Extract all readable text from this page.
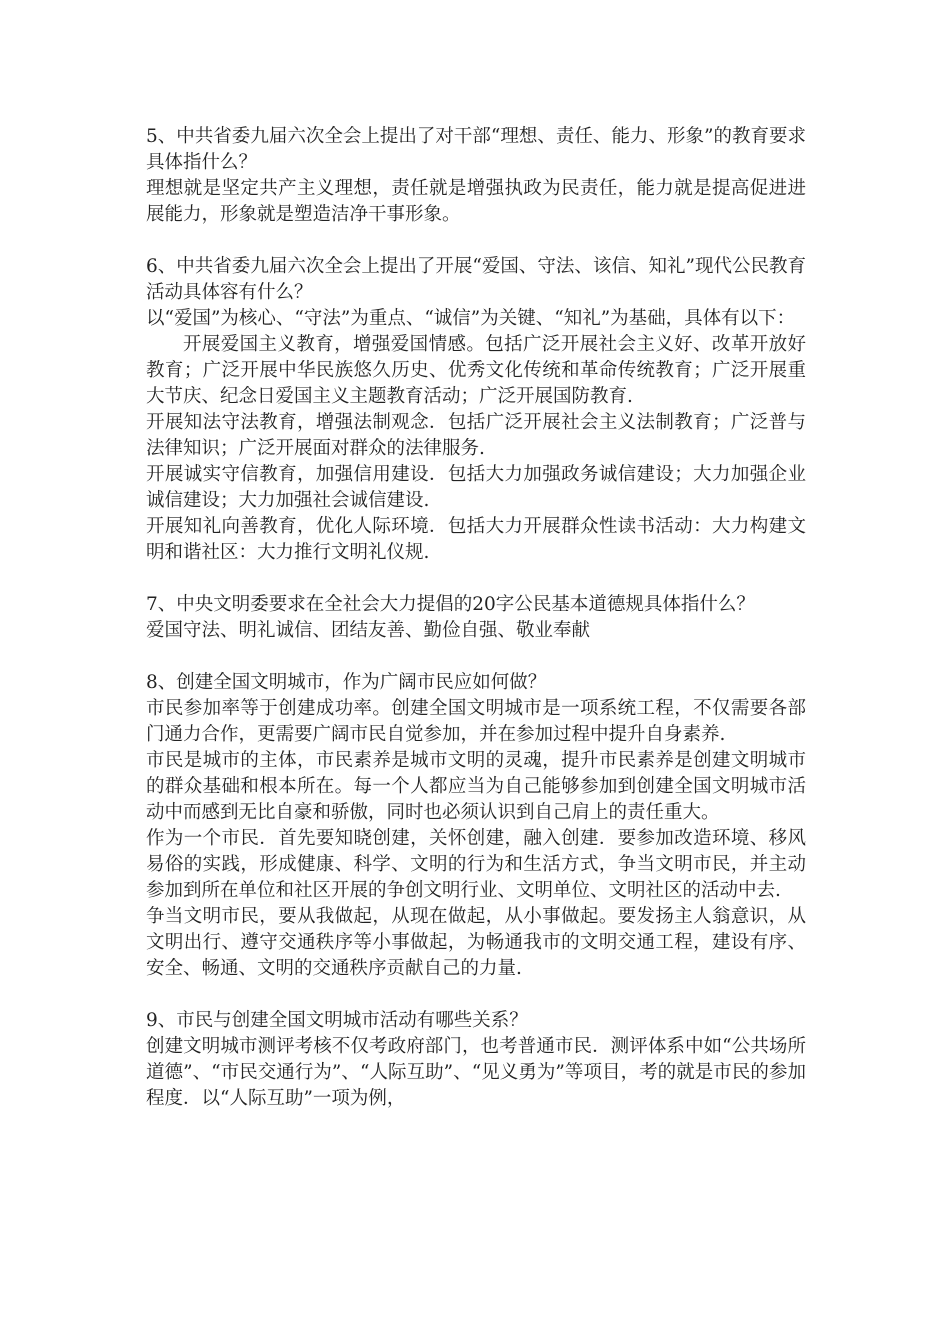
5、中共省委九届六次全会上提出了对干部“理想、责任、能力、形象”的教育要求具体指什么？

理想就是坚定共产主义理想，责任就是增强执政为民责任，能力就是提高促进进展能力，形象就是塑造洁净干事形象。

6、中共省委九届六次全会上提出了开展“爱国、守法、该信、知礼”现代公民教育活动具体容有什么？

以“爱国”为核心、“守法”为重点、“诚信”为关键、“知礼”为基础，具体有以下：

开展爱国主义教育，增强爱国情感。包括广泛开展社会主义好、改革开放好教育；广泛开展中华民族悠久历史、优秀文化传统和革命传统教育；广泛开展重大节庆、纪念日爱国主义主题教育活动；广泛开展国防教育.

开展知法守法教育，增强法制观念．包括广泛开展社会主义法制教育；广泛普与法律知识；广泛开展面对群众的法律服务.

开展诚实守信教育，加强信用建设．包括大力加强政务诚信建设；大力加强企业诚信建设；大力加强社会诚信建设.

开展知礼向善教育，优化人际环境．包括大力开展群众性读书活动：大力构建文明和谐社区：大力推行文明礼仪规.

7、中央文明委要求在全社会大力提倡的20字公民基本道德规具体指什么？

爱国守法、明礼诚信、团结友善、勤俭自强、敬业奉献

8、创建全国文明城市，作为广阔市民应如何做？

市民参加率等于创建成功率。创建全国文明城市是一项系统工程，不仅需要各部门通力合作，更需要广阔市民自觉参加，并在参加过程中提升自身素养.

市民是城市的主体，市民素养是城市文明的灵魂，提升市民素养是创建文明城市的群众基础和根本所在。每一个人都应当为自己能够参加到创建全国文明城市活动中而感到无比自豪和骄傲，同时也必须认识到自己肩上的责任重大。

作为一个市民．首先要知晓创建，关怀创建，融入创建．要参加改造环境、移风易俗的实践，形成健康、科学、文明的行为和生活方式，争当文明市民，并主动参加到所在单位和社区开展的争创文明行业、文明单位、文明社区的活动中去.

争当文明市民，要从我做起，从现在做起，从小事做起。要发扬主人翁意识，从文明出行、遵守交通秩序等小事做起，为畅通我市的文明交通工程，建设有序、安全、畅通、文明的交通秩序贡献自己的力量.

9、市民与创建全国文明城市活动有哪些关系？

创建文明城市测评考核不仅考政府部门，也考普通市民．测评体系中如“公共场所道德”、“市民交通行为”、“人际互助”、“见义勇为”等项目，考的就是市民的参加程度．以“人际互助”一项为例，
